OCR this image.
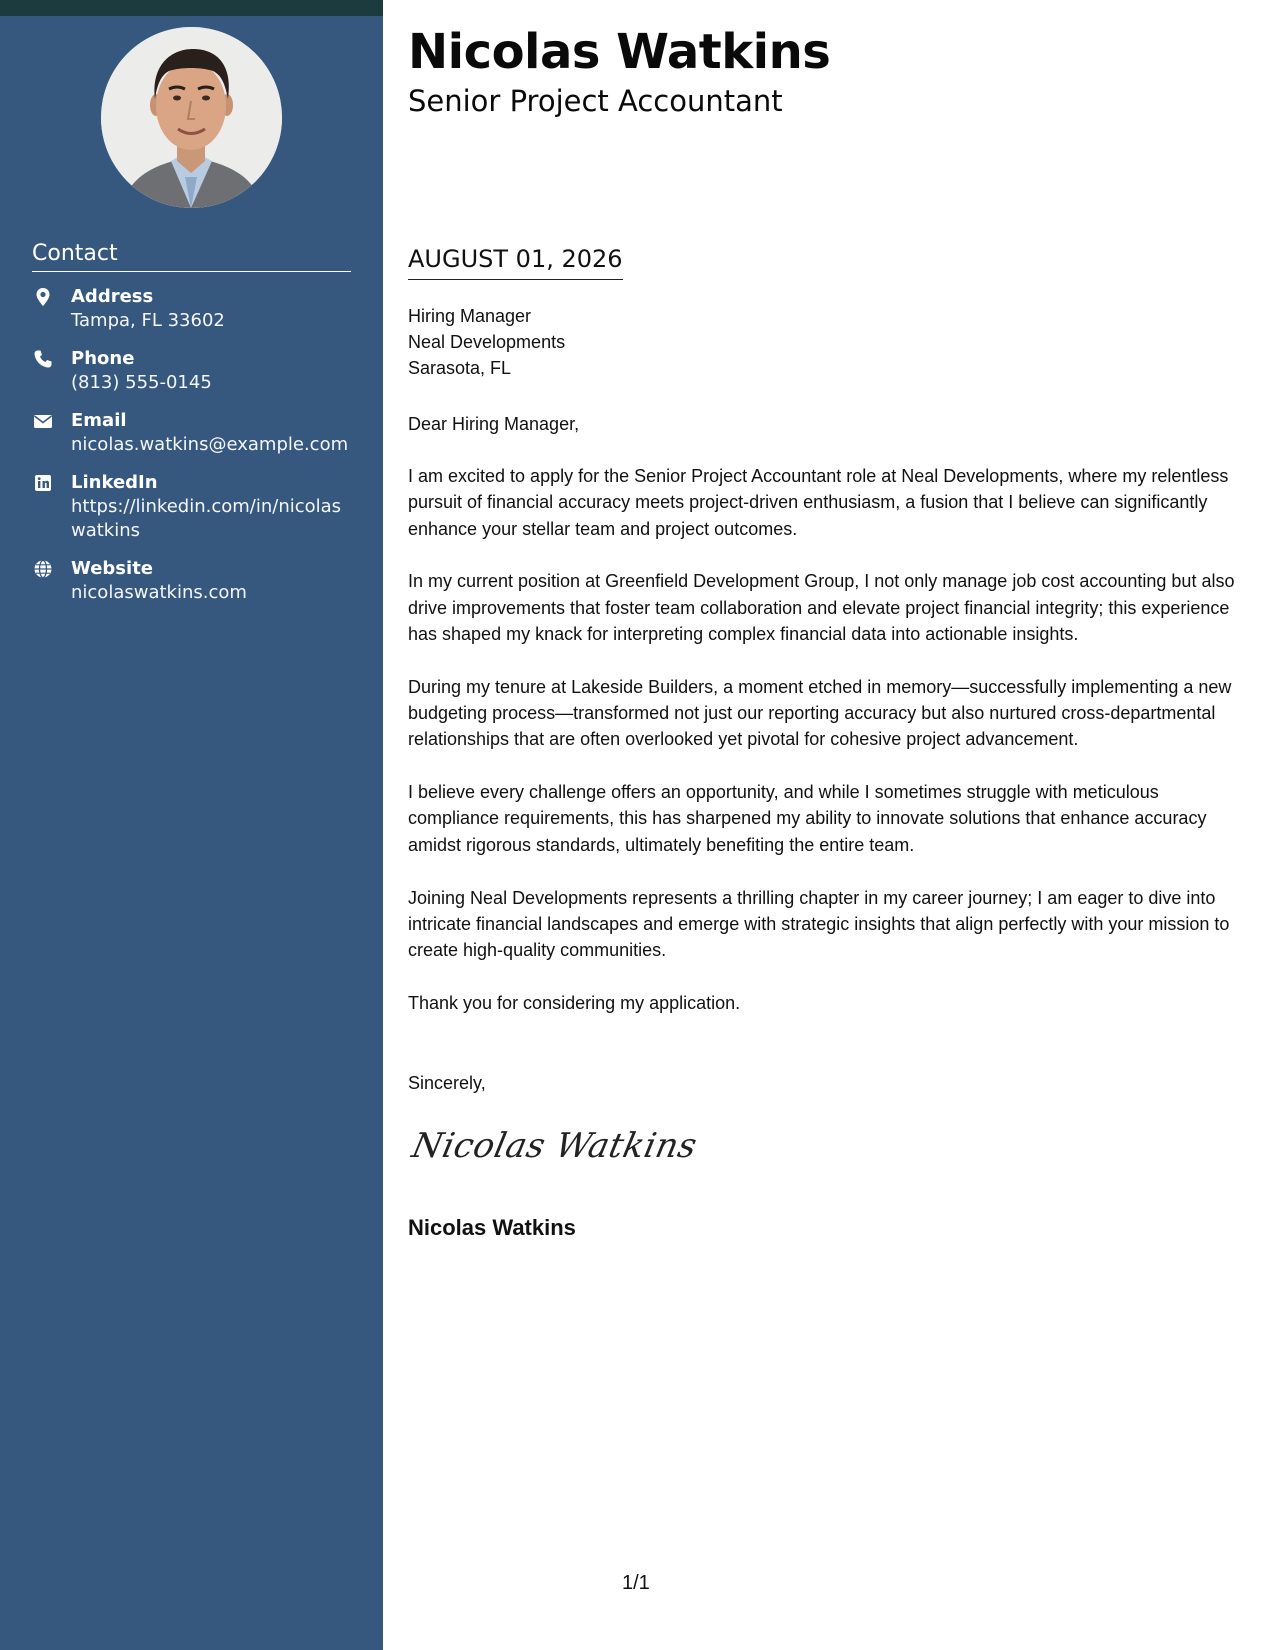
Contact
Address
Tampa, FL 33602
Phone
(813) 555-0145
Email
nicolas.watkins@example.com
LinkedIn
https://linkedin.com/in/nicolaswatkins
Website
nicolaswatkins.com
Nicolas Watkins
Senior Project Accountant
AUGUST 01, 2026
Hiring Manager
Neal Developments
Sarasota, FL
Dear Hiring Manager,

I am excited to apply for the Senior Project Accountant role at Neal Developments, where my relentless pursuit of financial accuracy meets project-driven enthusiasm, a fusion that I believe can significantly enhance your stellar team and project outcomes.

In my current position at Greenfield Development Group, I not only manage job cost accounting but also drive improvements that foster team collaboration and elevate project financial integrity; this experience has shaped my knack for interpreting complex financial data into actionable insights.

During my tenure at Lakeside Builders, a moment etched in memory—successfully implementing a new budgeting process—transformed not just our reporting accuracy but also nurtured cross-departmental relationships that are often overlooked yet pivotal for cohesive project advancement.

I believe every challenge offers an opportunity, and while I sometimes struggle with meticulous compliance requirements, this has sharpened my ability to innovate solutions that enhance accuracy amidst rigorous standards, ultimately benefiting the entire team.

Joining Neal Developments represents a thrilling chapter in my career journey; I am eager to dive into intricate financial landscapes and emerge with strategic insights that align perfectly with your mission to create high-quality communities.

Thank you for considering my application.

Sincerely,
Nicolas Watkins
Nicolas Watkins
1/1
